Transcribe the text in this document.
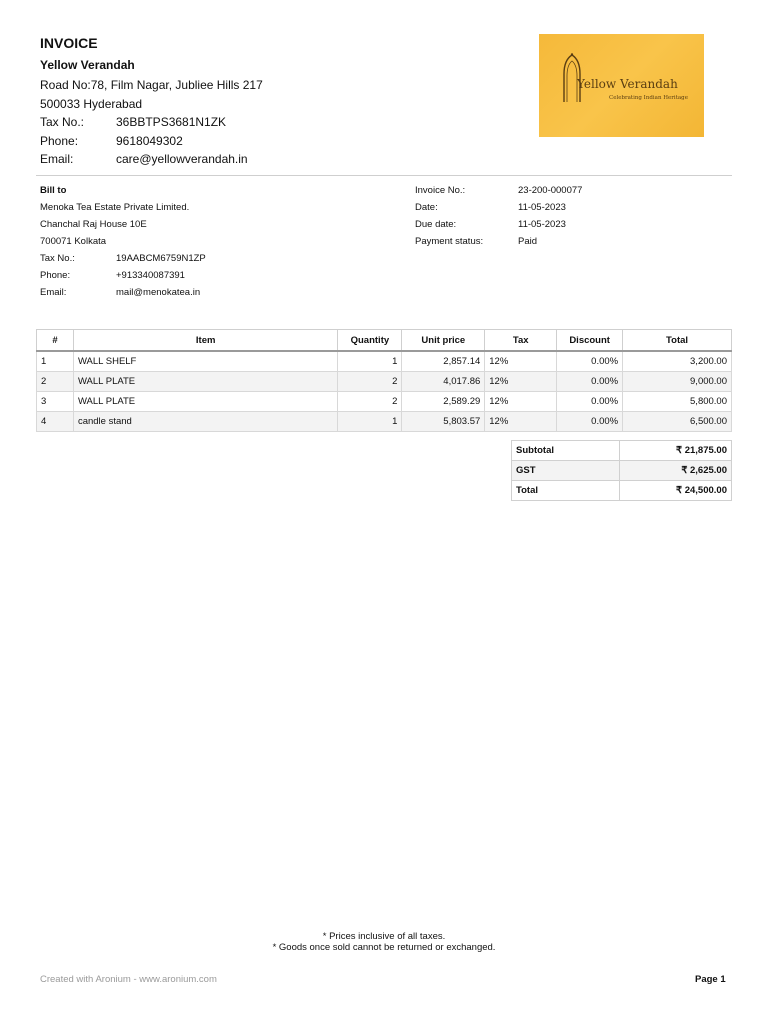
INVOICE
Yellow Verandah
Road No:78, Film Nagar, Jubliee Hills 217
500033 Hyderabad
Tax No.:	36BBTPS3681N1ZK
Phone:	9618049302
Email:	care@yellowverandah.in
Yellow Verandah
Celebrating Indian Heritage
Bill to
Menoka Tea Estate Private Limited.
Chanchal Raj House 10E
700071 Kolkata
Tax No.:	19AABCM6759N1ZP
Phone:	+913340087391
Email:	mail@menokatea.in
Invoice No.:	23-200-000077
Date:	11-05-2023
Due date:	11-05-2023
Payment status:	Paid
#	Item	Quantity	Unit price	Tax	Discount	Total
1	WALL SHELF	1	2,857.14	12%	0.00%	3,200.00
2	WALL PLATE	2	4,017.86	12%	0.00%	9,000.00
3	WALL PLATE	2	2,589.29	12%	0.00%	5,800.00
4	candle stand	1	5,803.57	12%	0.00%	6,500.00
Subtotal	₹ 21,875.00
GST	₹ 2,625.00
Total	₹ 24,500.00
* Prices inclusive of all taxes.
* Goods once sold cannot be returned or exchanged.
Created with Aronium - www.aronium.com	Page 1
